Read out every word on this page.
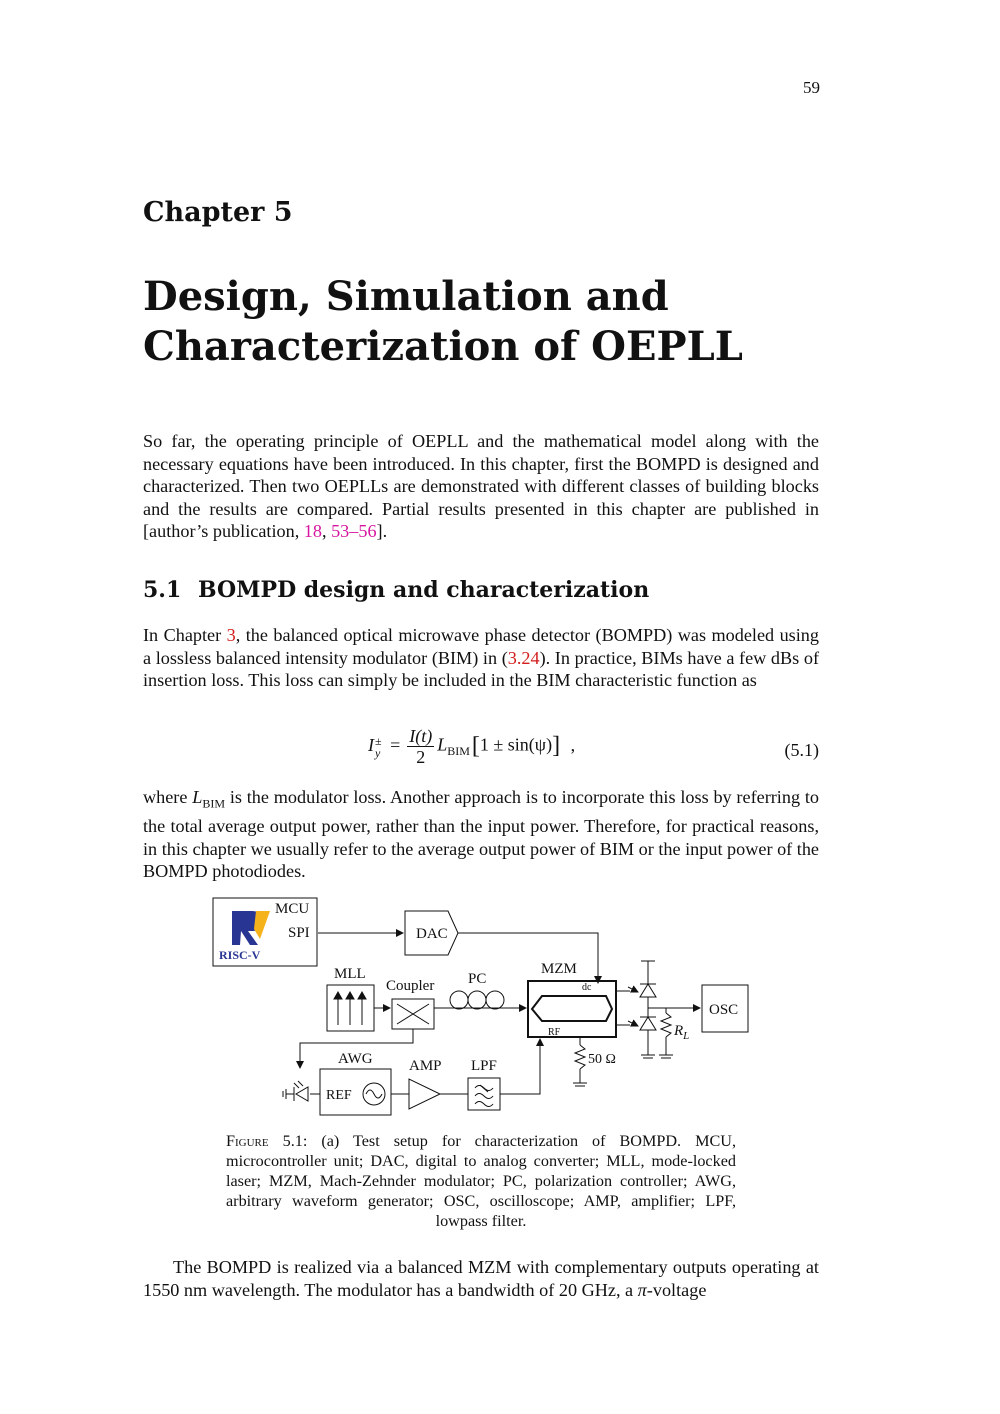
59
Chapter 5
Design, Simulation and
Characterization of OEPLL

So far, the operating principle of OEPLL and the mathematical model along with the necessary equations have been introduced. In this chapter, first the BOMPD is designed and characterized. Then two OEPLLs are demonstrated with different classes of building blocks and the results are compared. Partial results presented in this chapter are published in [author’s publication, 18, 53–56].

5.1 BOMPD design and characterization

In Chapter 3, the balanced optical microwave phase detector (BOMPD) was modeled using a lossless balanced intensity modulator (BIM) in (3.24). In practice, BIMs have a few dBs of insertion loss. This loss can simply be included in the BIM characteristic function as

I ±
$y = \frac{I(t)}{2} L_{BIM}[1 \pm \sin(\psi)]$ ,	(5.1)

where $L_{BIM}$ is the modulator loss. Another approach is to incorporate this loss by referring to the total average output power, rather than the input power. Therefore, for practical reasons, in this chapter we usually refer to the average output power of BIM or the input power of the BOMPD photodiodes.

RISC-V
MCU
SPI	DAC
MLL
Coupler PC
MZM
dc
RF
OSC
$R_L$
50 Ω
AWG
REF
AMP LPF
Figure 5.1: (a) Test setup for characterization of BOMPD. MCU, microcontroller unit; DAC, digital to analog converter; MLL, mode-locked laser; MZM, Mach-Zehnder modulator; PC, polarization controller; AWG, arbitrary waveform generator; OSC, oscilloscope; AMP, amplifier; LPF, lowpass filter.

The BOMPD is realized via a balanced MZM with complementary outputs operating at 1550 nm wavelength. The modulator has a bandwidth of 20 GHz, a π-voltage
